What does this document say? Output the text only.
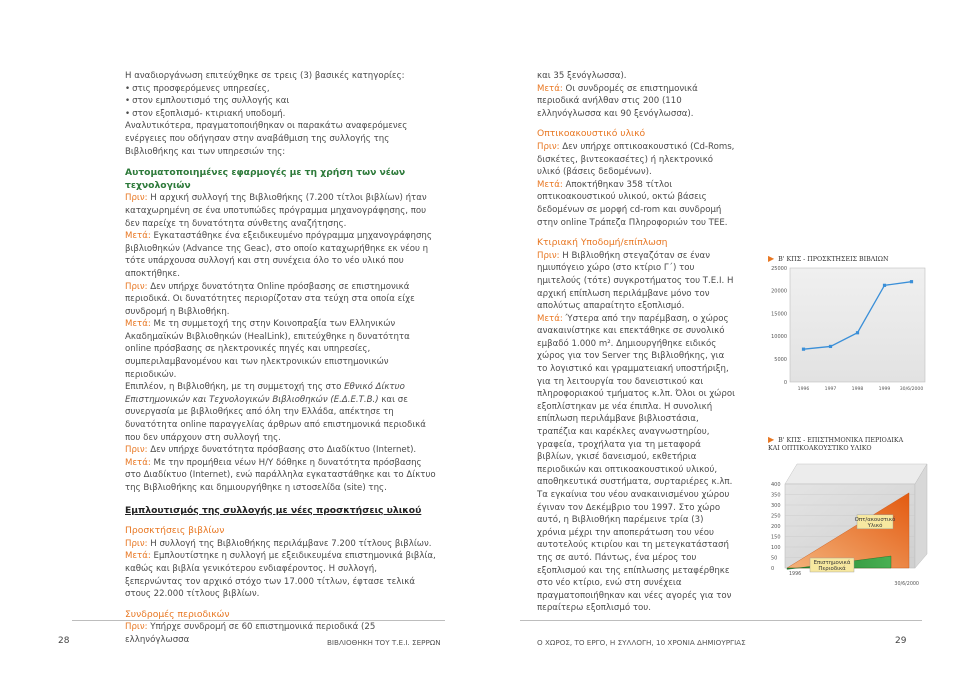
Η αναδιοργάνωση επιτεύχθηκε σε τρεις (3) βασικές κατηγορίες:

• στις προσφερόμενες υπηρεσίες,

• στον εμπλουτισμό της συλλογής και

• στον εξοπλισμό- κτιριακή υποδομή.

Αναλυτικότερα, πραγματοποιήθηκαν οι παρακάτω αναφερόμενες ενέργειες που οδήγησαν στην αναβάθμιση της συλλογής της Βιβλιοθήκης και των υπηρεσιών της:

Αυτοματοποιημένες εφαρμογές με τη χρήση των νέων τεχνολογιών

Πριν: Η αρχική συλλογή της Βιβλιοθήκης (7.200 τίτλοι βιβλίων) ήταν καταχωρημένη σε ένα υποτυπώδες πρόγραμμα μηχανογράφησης, που δεν παρείχε τη δυνατότητα σύνθετης αναζήτησης.

Μετά: Εγκαταστάθηκε ένα εξειδικευμένο πρόγραμμα μηχανογράφησης βιβλιοθηκών (Advance της Geac), στο οποίο καταχωρήθηκε εκ νέου η τότε υπάρχουσα συλλογή και στη συνέχεια όλο το νέο υλικό που αποκτήθηκε.

Πριν: Δεν υπήρχε δυνατότητα Online πρόσβασης σε επιστημονικά περιοδικά. Οι δυνατότητες περιορίζοταν στα τεύχη στα οποία είχε συνδρομή η Βιβλιοθήκη.

Μετά: Με τη συμμετοχή της στην Κοινοπραξία των Ελληνικών Ακαδημαϊκών Βιβλιοθηκών (HealLink), επιτεύχθηκε η δυνατότητα online πρόσβασης σε ηλεκτρονικές πηγές και υπηρεσίες, συμπεριλαμβανομένου και των ηλεκτρονικών επιστημονικών περιοδικών.

Επιπλέον, η Βιβλιοθήκη, με τη συμμετοχή της στο Εθνικό Δίκτυο Επιστημονικών και Τεχνολογικών Βιβλιοθηκών (Ε.Δ.Ε.Τ.Β.) και σε συνεργασία με βιβλιοθήκες από όλη την Ελλάδα, απέκτησε τη δυνατότητα online παραγγελίας άρθρων από επιστημονικά περιοδικά που δεν υπάρχουν στη συλλογή της.

Πριν: Δεν υπήρχε δυνατότητα πρόσβασης στο Διαδίκτυο (Internet).

Μετά: Με την προμήθεια νέων Η/Υ δόθηκε η δυνατότητα πρόσβασης στο Διαδίκτυο (Internet), ενώ παράλληλα εγκαταστάθηκε και το Δίκτυο της Βιβλιοθήκης και δημιουργήθηκε η ιστοσελίδα (site) της.

Εμπλουτισμός της συλλογής με νέες προσκτήσεις υλικού

Προσκτήσεις βιβλίων

Πριν: Η συλλογή της Βιβλιοθήκης περιλάμβανε 7.200 τίτλους βιβλίων.

Μετά: Εμπλουτίστηκε η συλλογή με εξειδικευμένα επιστημονικά βιβλία, καθώς και βιβλία γενικότερου ενδιαφέροντος. Η συλλογή, ξεπερνώντας τον αρχικό στόχο των 17.000 τίτλων, έφτασε τελικά στους 22.000 τίτλους βιβλίων.

Συνδρομές περιοδικών

Πριν: Υπήρχε συνδρομή σε 60 επιστημονικά περιοδικά (25 ελληνόγλωσσα

και 35 ξενόγλωσσα).

Μετά: Οι συνδρομές σε επιστημονικά περιοδικά ανήλθαν στις 200 (110 ελληνόγλωσσα και 90 ξενόγλωσσα).

Οπτικοακουστικό υλικό

Πριν: Δεν υπήρχε οπτικοακουστικό (Cd-Roms, δισκέτες, βιντεοκασέτες) ή ηλεκτρονικό υλικό (βάσεις δεδομένων).

Μετά: Αποκτήθηκαν 358 τίτλοι οπτικοακουστικού υλικού, οκτώ βάσεις δεδομένων σε μορφή cd-rom και συνδρομή στην online Τράπεζα Πληροφοριών του ΤΕΕ.

Κτιριακή Υποδομή/επίπλωση

Πριν: Η Βιβλιοθήκη στεγαζόταν σε έναν ημιυπόγειο χώρο (στο κτίριο Γ΄) του ημιτελούς (τότε) συγκροτήματος του Τ.Ε.Ι. Η αρχική επίπλωση περιλάμβανε μόνο τον απολύτως απαραίτητο εξοπλισμό.

Μετά: Ύστερα από την παρέμβαση, ο χώρος ανακαινίστηκε και επεκτάθηκε σε συνολικό εμβαδό 1.000 m². Δημιουργήθηκε ειδικός χώρος για τον Server της Βιβλιοθήκης, για το λογιστικό και γραμματειακή υποστήριξη, για τη λειτουργία του δανειστικού και πληροφοριακού τμήματος κ.λπ. Όλοι οι χώροι εξοπλίστηκαν με νέα έπιπλα. Η συνολική επίπλωση περιλάμβανε βιβλιοστάσια, τραπέζια και καρέκλες αναγνωστηρίου, γραφεία, τροχήλατα για τη μεταφορά βιβλίων, γκισέ δανεισμού, εκθετήρια περιοδικών και οπτικοακουστικού υλικού, αποθηκευτικά συστήματα, συρταριέρες κ.λπ.

Τα εγκαίνια του νέου ανακαινισμένου χώρου έγιναν τον Δεκέμβριο του 1997. Στο χώρο αυτό, η Βιβλιοθήκη παρέμεινε τρία (3) χρόνια μέχρι την αποπεράτωση του νέου αυτοτελούς κτιρίου και τη μετεγκατάστασή της σε αυτό. Πάντως, ένα μέρος του εξοπλισμού και της επίπλωσης μεταφέρθηκε στο νέο κτίριο, ενώ στη συνέχεια πραγματοποιήθηκαν και νέες αγορές για τον περαίτερω εξοπλισμό του.

▶ Β' ΚΠΣ - ΠΡΟΣΚΤΗΣΕΙΣ ΒΙΒΛΙΩΝ
0
5000
10000
15000
20000
25000
1996	1997	1998	1999 30/6/2000
▶ Β' ΚΠΣ - ΕΠΙΣΤΗΜΟΝΙΚΑ ΠΕΡΙΟΔΙΚΑ
ΚΑΙ ΟΠΤΙΚΟΑΚΟΥΣΤΙΚΟ ΥΛΙΚΟ
0
50
100
150
200
250
300
350
400
Οπτ/ακουστικό Υλικό
Επιστημονικά Περιοδικά
1996
30/6/2000
28	ΒΙΒΛΙΟΘΗΚΗ ΤΟΥ Τ.Ε.Ι. ΣΕΡΡΩΝ	Ο ΧΩΡΟΣ, ΤΟ ΕΡΓΟ, Η ΣΥΛΛΟΓΗ, 10 ΧΡΟΝΙΑ ΔΗΜΙΟΥΡΓΙΑΣ	29
